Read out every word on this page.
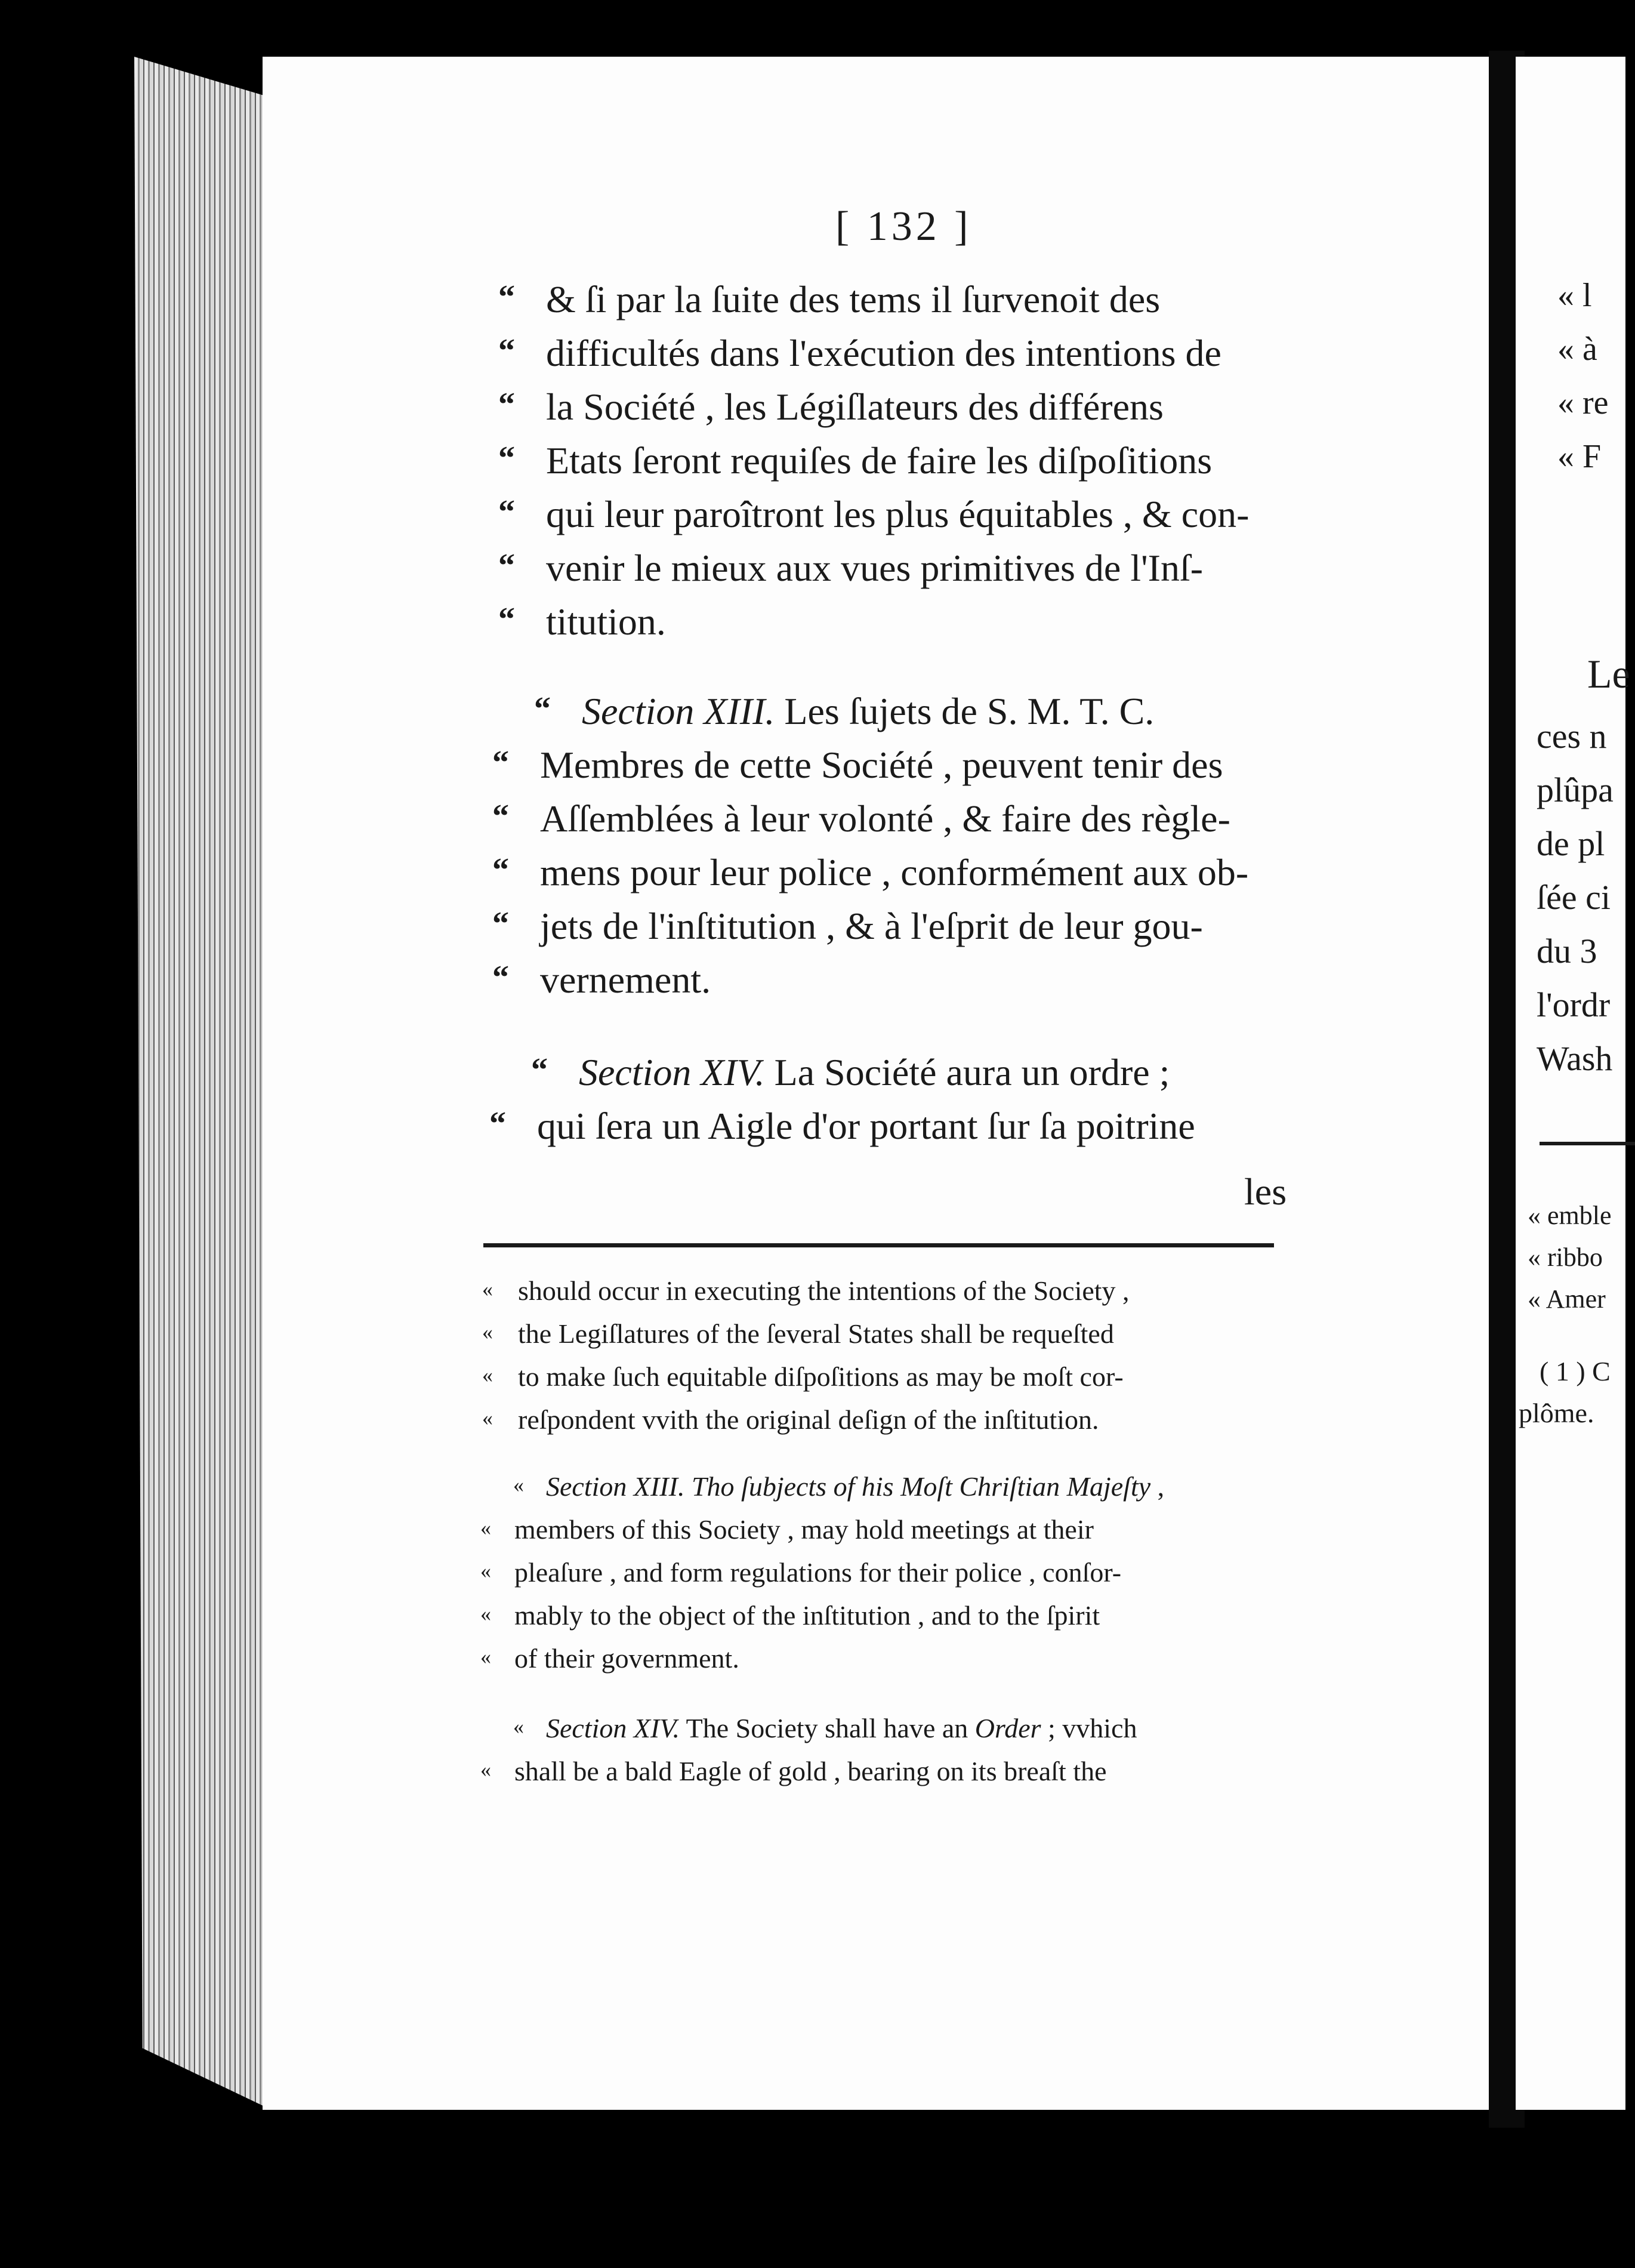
« l
« à
« re
« F
Le
ces n
plûpa
de pl
ſée ci
du 3
l'ordr
Wash
« emble
« ribbo
« Amer
( 1 ) C
plôme.
[ 132 ]
“ & ſi par la ſuite des tems il ſurvenoit des
“ difficultés dans l'exécution des intentions de
“ la Société , les Légiſlateurs des différens
“ Etats ſeront requiſes de faire les diſpoſitions
“ qui leur paroîtront les plus équitables , & con-
“ venir le mieux aux vues primitives de l'Inſ-
“ titution.
“ Section XIII. Les ſujets de S. M. T. C.
“ Membres de cette Société , peuvent tenir des
“ Aſſemblées à leur volonté , & faire des règle-
“ mens pour leur police , conformément aux ob-
“ jets de l'inſtitution , & à l'eſprit de leur gou-
“ vernement.
“ Section XIV. La Société aura un ordre ;
“ qui ſera un Aigle d'or portant ſur ſa poitrine
les
« should occur in executing the intentions of the Society ,
« the Legiſlatures of the ſeveral States shall be requeſted
« to make ſuch equitable diſpoſitions as may be moſt cor-
« reſpondent vvith the original deſign of the inſtitution.
« Section XIII. Tho ſubjects of his Moſt Chriſtian Majeſty ,
« members of this Society , may hold meetings at their
« pleaſure , and form regulations for their police , conſor-
« mably to the object of the inſtitution , and to the ſpirit
« of their government.
« Section XIV. The Society shall have an Order ; vvhich
« shall be a bald Eagle of gold , bearing on its breaſt the
